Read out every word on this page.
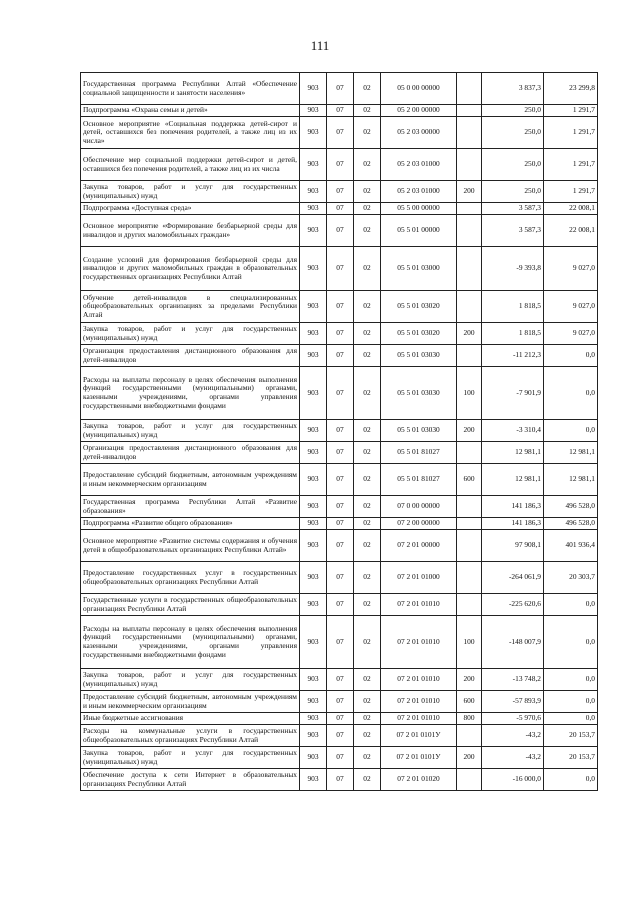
111
Государственная программа Республики Алтай «Обеспечение социальной защищенности и занятости населения»	903	07	02	05 0 00 00000		3 837,3	23 299,8
Подпрограмма «Охрана семьи и детей»	903	07	02	05 2 00 00000		250,0	1 291,7
Основное мероприятие «Социальная поддержка детей-сирот и детей, оставшихся без попечения родителей, а также лиц из их числа»	903	07	02	05 2 03 00000		250,0	1 291,7
Обеспечение мер социальной поддержки детей-сирот и детей, оставшихся без попечения родителей, а также лиц из их числа	903	07	02	05 2 03 01000		250,0	1 291,7
Закупка товаров, работ и услуг для государственных (муниципальных) нужд	903	07	02	05 2 03 01000	200	250,0	1 291,7
Подпрограмма «Доступная среда»	903	07	02	05 5 00 00000		3 587,3	22 008,1
Основное мероприятие «Формирование безбарьерной среды для инвалидов и других маломобильных граждан»	903	07	02	05 5 01 00000		3 587,3	22 008,1
Создание условий для формирования безбарьерной среды для инвалидов и других маломобильных граждан в образовательных государственных организациях Республики Алтай	903	07	02	05 5 01 03000		-9 393,8	9 027,0
Обучение детей-инвалидов в специализированных общеобразовательных организациях за пределами Республики Алтай	903	07	02	05 5 01 03020		1 818,5	9 027,0
Закупка товаров, работ и услуг для государственных (муниципальных) нужд	903	07	02	05 5 01 03020	200	1 818,5	9 027,0
Организация предоставления дистанционного образования для детей-инвалидов	903	07	02	05 5 01 03030		-11 212,3	0,0
Расходы на выплаты персоналу в целях обеспечения выполнения функций государственными (муниципальными) органами, казенными учреждениями, органами управления государственными внебюджетными фондами	903	07	02	05 5 01 03030	100	-7 901,9	0,0
Закупка товаров, работ и услуг для государственных (муниципальных) нужд	903	07	02	05 5 01 03030	200	-3 310,4	0,0
Организация предоставления дистанционного образования для детей-инвалидов	903	07	02	05 5 01 81027		12 981,1	12 981,1
Предоставление субсидий бюджетным, автономным учреждениям и иным некоммерческим организациям	903	07	02	05 5 01 81027	600	12 981,1	12 981,1
Государственная программа Республики Алтай «Развитие образования»	903	07	02	07 0 00 00000		141 186,3	496 528,0
Подпрограмма «Развитие общего образования»	903	07	02	07 2 00 00000		141 186,3	496 528,0
Основное мероприятие «Развитие системы содержания и обучения детей в общеобразовательных организациях Республики Алтай»	903	07	02	07 2 01 00000		97 908,1	401 936,4
Предоставление государственных услуг в государственных общеобразовательных организациях Республики Алтай	903	07	02	07 2 01 01000		-264 061,9	20 303,7
Государственные услуги в государственных общеобразовательных организациях Республики Алтай	903	07	02	07 2 01 01010		-225 620,6	0,0
Расходы на выплаты персоналу в целях обеспечения выполнения функций государственными (муниципальными) органами, казенными учреждениями, органами управления государственными внебюджетными фондами	903	07	02	07 2 01 01010	100	-148 007,9	0,0
Закупка товаров, работ и услуг для государственных (муниципальных) нужд	903	07	02	07 2 01 01010	200	-13 748,2	0,0
Предоставление субсидий бюджетным, автономным учреждениям и иным некоммерческим организациям	903	07	02	07 2 01 01010	600	-57 893,9	0,0
Иные бюджетные ассигнования	903	07	02	07 2 01 01010	800	-5 970,6	0,0
Расходы на коммунальные услуги в государственных общеобразовательных организациях Республики Алтай	903	07	02	07 2 01 0101У		-43,2	20 153,7
Закупка товаров, работ и услуг для государственных (муниципальных) нужд	903	07	02	07 2 01 0101У	200	-43,2	20 153,7
Обеспечение доступа к сети Интернет в образовательных организациях Республики Алтай	903	07	02	07 2 01 01020		-16 000,0	0,0
